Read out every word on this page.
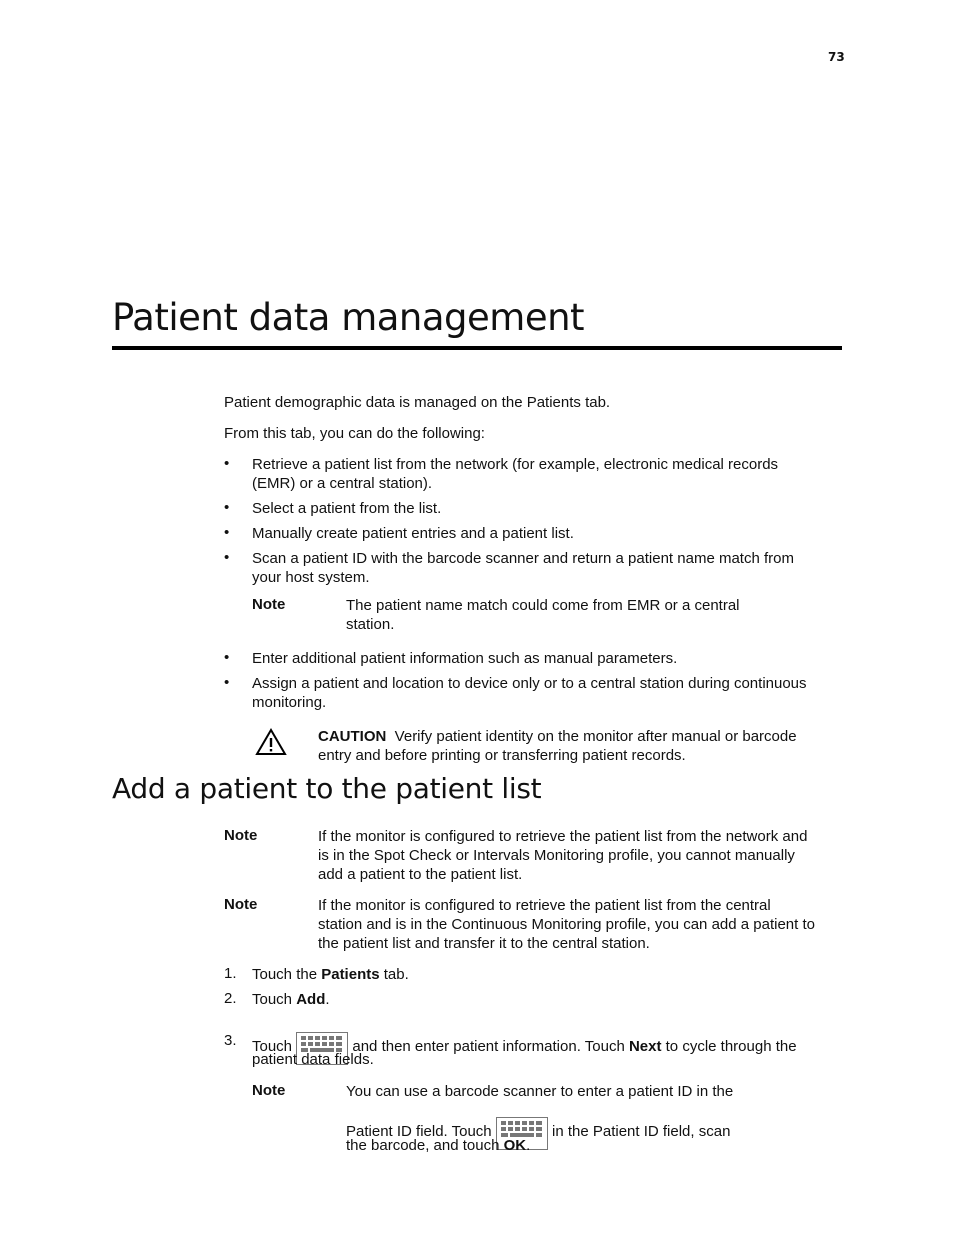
73
Patient data management
Patient demographic data is managed on the Patients tab.
From this tab, you can do the following:
• Retrieve a patient list from the network (for example, electronic medical records
(EMR) or a central station).
• Select a patient from the list.
• Manually create patient entries and a patient list.
• Scan a patient ID with the barcode scanner and return a patient name match from
your host system.
Note	The patient name match could come from EMR or a central
station.
• Enter additional patient information such as manual parameters.
• Assign a patient and location to device only or to a central station during continuous
monitoring.
CAUTION Verify patient identity on the monitor after manual or barcode
entry and before printing or transferring patient records.
Add a patient to the patient list
Note	If the monitor is configured to retrieve the patient list from the network and
is in the Spot Check or Intervals Monitoring profile, you cannot manually
add a patient to the patient list.
Note	If the monitor is configured to retrieve the patient list from the central
station and is in the Continuous Monitoring profile, you can add a patient to
the patient list and transfer it to the central station.
1. Touch the Patients tab.
2. Touch Add.
3. Touch	and then enter patient information. Touch Next to cycle through the
patient data fields.
Note	You can use a barcode scanner to enter a patient ID in the
Patient ID field. Touch	in the Patient ID field, scan
the barcode, and touch OK.
